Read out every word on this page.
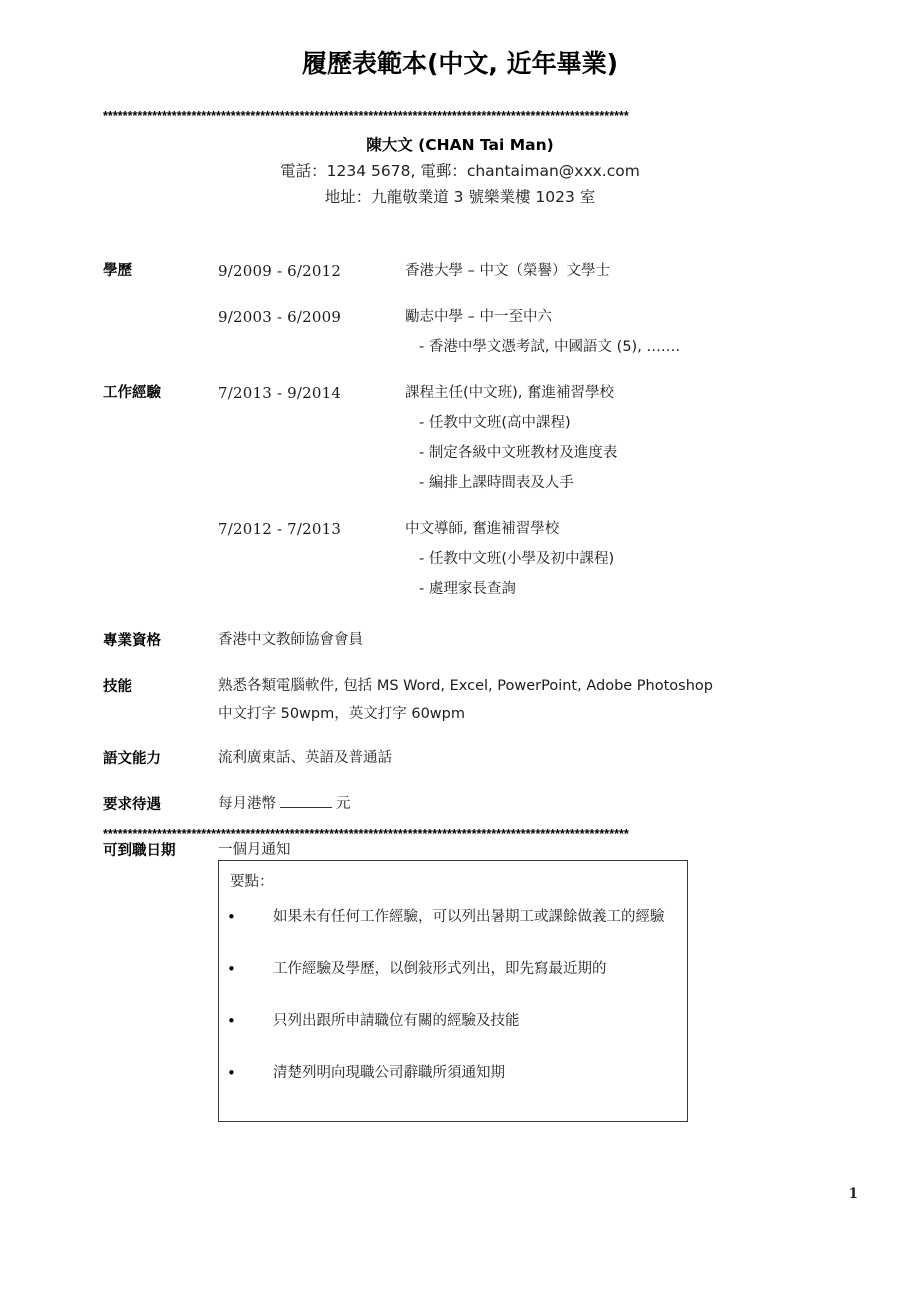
履歷表範本(中文, 近年畢業)
***********************************************************************************************************
陳大文 (CHAN Tai Man)
電話：1234 5678, 電郵：chantaiman@xxx.com
地址：九龍敬業道 3 號樂業樓 1023 室
學歷	9/2009 - 6/2012	香港大學 – 中文（榮譽）文學士
9/2003 - 6/2009	勵志中學 – 中一至中六
- 香港中學文憑考試, 中國語文 (5), …….
工作經驗	7/2013 - 9/2014	課程主任(中文班), 奮進補習學校
- 任教中文班(高中課程)
- 制定各級中文班教材及進度表
- 編排上課時間表及人手
7/2012 - 7/2013	中文導師, 奮進補習學校
- 任教中文班(小學及初中課程)
- 處理家長查詢
專業資格	香港中文教師協會會員
技能	熟悉各類電腦軟件, 包括 MS Word, Excel, PowerPoint, Adobe Photoshop
中文打字 50wpm，英文打字 60wpm
語文能力	流利廣東話、英語及普通話
要求待遇	每月港幣	元
可到職日期	一個月通知
***********************************************************************************************************
要點：
•	如果未有任何工作經驗，可以列出暑期工或課餘做義工的經驗
•	工作經驗及學歷，以倒敍形式列出，即先寫最近期的
•	只列出跟所申請職位有關的經驗及技能
•	清楚列明向現職公司辭職所須通知期
1
